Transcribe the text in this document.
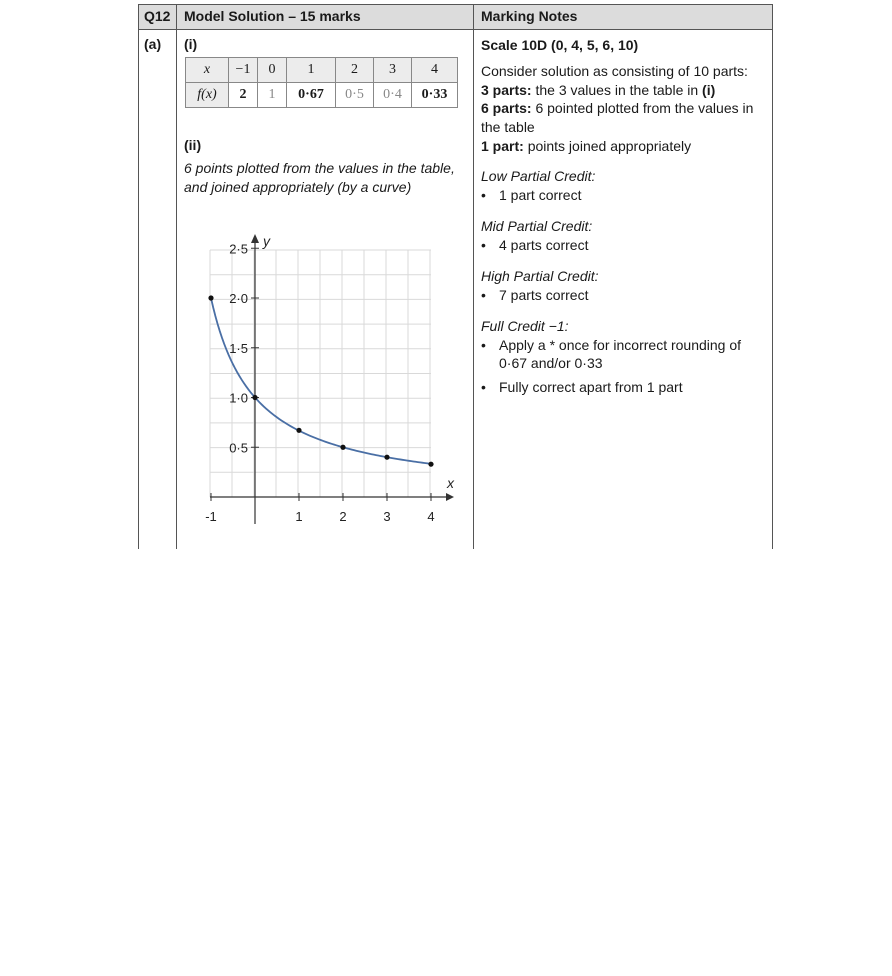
Q12 Model Solution – 15 marks	Marking Notes
(a) (i)
x	−1	0	1	2	3	4
f(x)	2	1	0·67	0·5	0·4	0·33
(ii)
6 points plotted from the values in the table,
and joined appropriately (by a curve)
x
y
0·5
1·0
1·5
2·0
2·5
-1	1	2	3	4
Scale 10D (0, 4, 5, 6, 10)
Consider solution as consisting of 10 parts:
3 parts: the 3 values in the table in (i)
6 parts: 6 pointed plotted from the values in
the table
1 part: points joined appropriately
Low Partial Credit:
• 1 part correct
Mid Partial Credit:
• 4 parts correct
High Partial Credit:
• 7 parts correct
Full Credit −1:
• Apply a * once for incorrect rounding of
0·67 and/or 0·33
• Fully correct apart from 1 part
